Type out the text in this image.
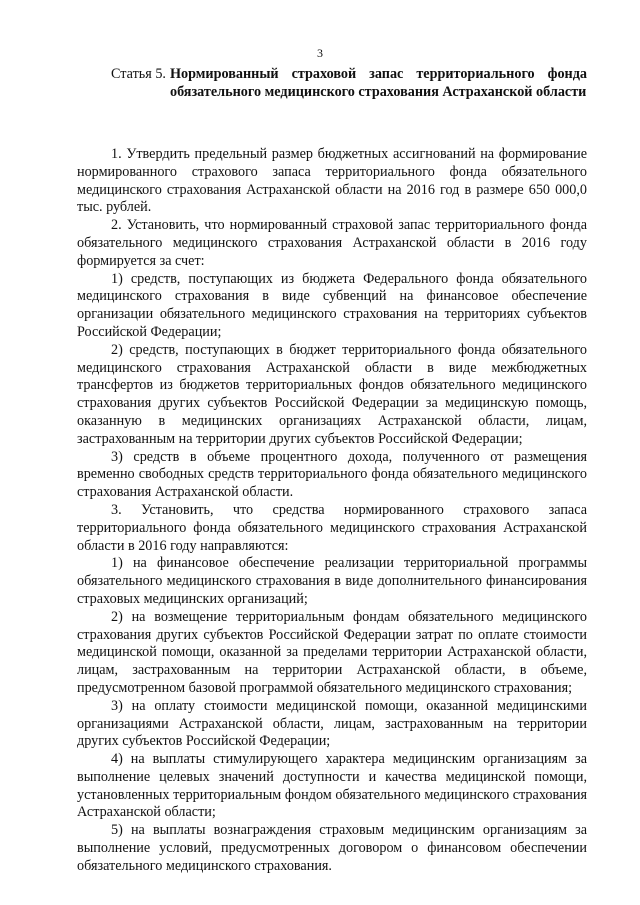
3
Статья 5. Нормированный страховой запас территориального фонда обязательного медицинского страхования Астраханской области

1. Утвердить предельный размер бюджетных ассигнований на формирование нормированного страхового запаса территориального фонда обязательного медицинского страхования Астраханской области на 2016 год в размере 650 000,0 тыс. рублей.

2. Установить, что нормированный страховой запас территориального фонда обязательного медицинского страхования Астраханской области в 2016 году формируется за счет:

1) средств, поступающих из бюджета Федерального фонда обязательного медицинского страхования в виде субвенций на финансовое обеспечение организации обязательного медицинского страхования на территориях субъектов Российской Федерации;

2) средств, поступающих в бюджет территориального фонда обязательного медицинского страхования Астраханской области в виде межбюджетных трансфертов из бюджетов территориальных фондов обязательного медицинского страхования других субъектов Российской Федерации за медицинскую помощь, оказанную в медицинских организациях Астраханской области, лицам, застрахованным на территории других субъектов Российской Федерации;

3) средств в объеме процентного дохода, полученного от размещения временно свободных средств территориального фонда обязательного медицинского страхования Астраханской области.

3. Установить, что средства нормированного страхового запаса территориального фонда обязательного медицинского страхования Астраханской области в 2016 году направляются:

1) на финансовое обеспечение реализации территориальной программы обязательного медицинского страхования в виде дополнительного финансирования страховых медицинских организаций;

2) на возмещение территориальным фондам обязательного медицинского страхования других субъектов Российской Федерации затрат по оплате стоимости медицинской помощи, оказанной за пределами территории Астраханской области, лицам, застрахованным на территории Астраханской области, в объеме, предусмотренном базовой программой обязательного медицинского страхования;

3) на оплату стоимости медицинской помощи, оказанной медицинскими организациями Астраханской области, лицам, застрахованным на территории других субъектов Российской Федерации;

4) на выплаты стимулирующего характера медицинским организациям за выполнение целевых значений доступности и качества медицинской помощи, установленных территориальным фондом обязательного медицинского страхования Астраханской области;

5) на выплаты вознаграждения страховым медицинским организациям за выполнение условий, предусмотренных договором о финансовом обеспечении обязательного медицинского страхования.
